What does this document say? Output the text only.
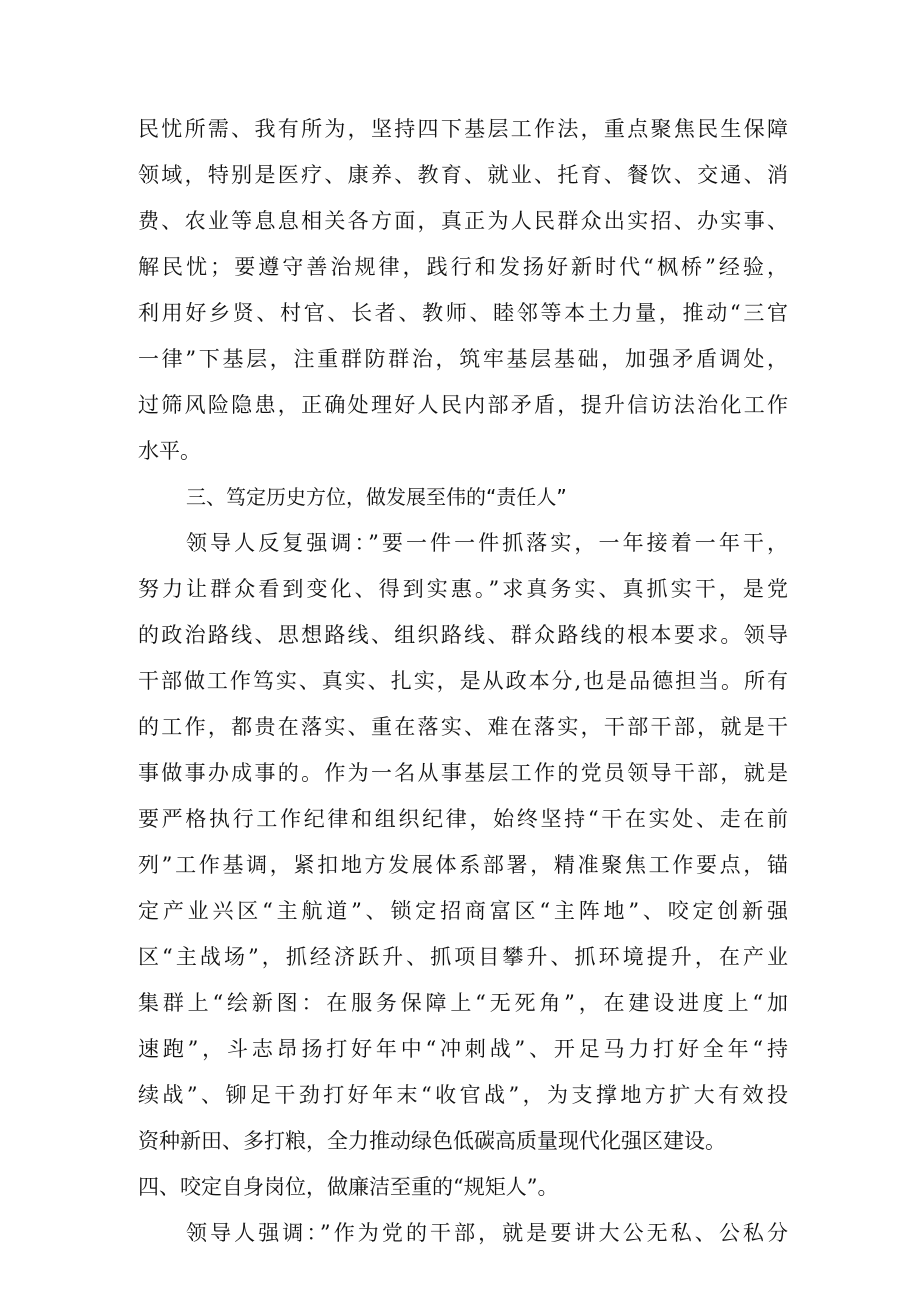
民忧所需、我有所为，坚持四下基层工作法，重点聚焦民生保障
领域，特别是医疗、康养、教育、就业、托育、餐饮、交通、消
费、农业等息息相关各方面，真正为人民群众出实招、办实事、
解民忧；要遵守善治规律，践行和发扬好新时代“枫桥”经验，
利用好乡贤、村官、长者、教师、睦邻等本土力量，推动“三官
一律”下基层，注重群防群治，筑牢基层基础，加强矛盾调处，
过筛风险隐患，正确处理好人民内部矛盾，提升信访法治化工作
水平。
三、笃定历史方位，做发展至伟的“责任人”
领导人反复强调：”要一件一件抓落实，一年接着一年干，
努力让群众看到变化、得到实惠。”求真务实、真抓实干，是党
的政治路线、思想路线、组织路线、群众路线的根本要求。领导
干部做工作笃实、真实、扎实，是从政本分,也是品德担当。所有
的工作，都贵在落实、重在落实、难在落实，干部干部，就是干
事做事办成事的。作为一名从事基层工作的党员领导干部，就是
要严格执行工作纪律和组织纪律，始终坚持“干在实处、走在前
列”工作基调，紧扣地方发展体系部署，精准聚焦工作要点，锚
定产业兴区“主航道”、锁定招商富区“主阵地”、咬定创新强
区“主战场”，抓经济跃升、抓项目攀升、抓环境提升，在产业
集群上“绘新图：在服务保障上“无死角”，在建设进度上“加
速跑”，斗志昂扬打好年中“冲刺战”、开足马力打好全年“持
续战”、铆足干劲打好年末“收官战”，为支撑地方扩大有效投
资种新田、多打粮，全力推动绿色低碳高质量现代化强区建设。
四、咬定自身岗位，做廉洁至重的“规矩人”。
领导人强调：”作为党的干部，就是要讲大公无私、公私分
